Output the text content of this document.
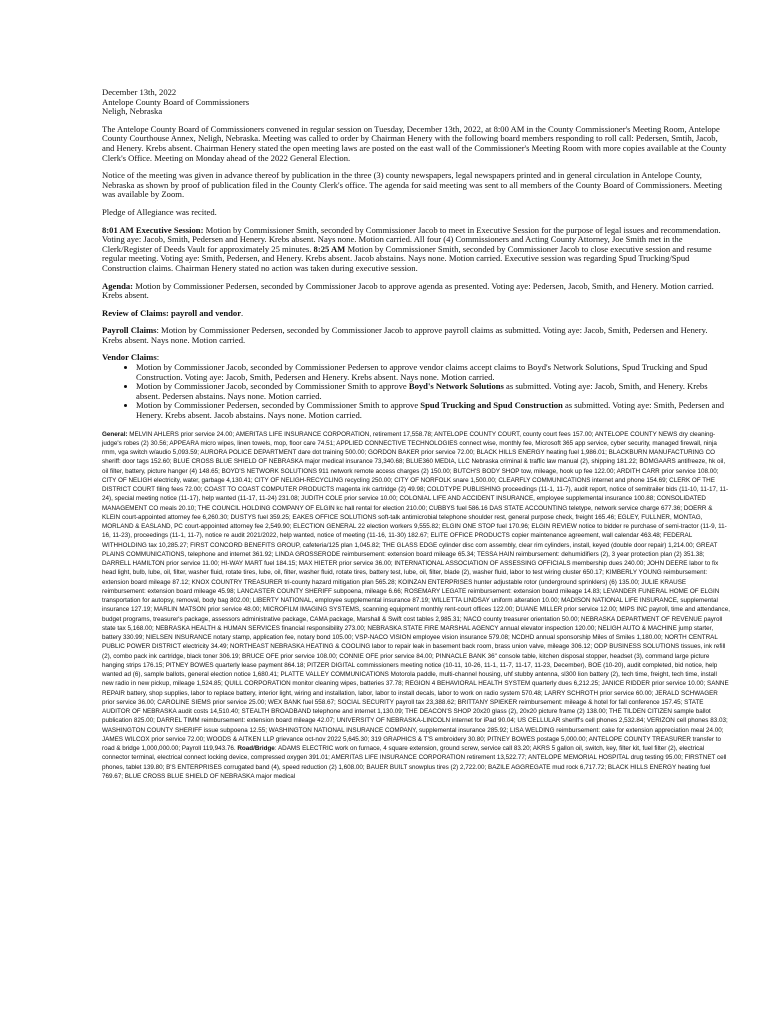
December 13th, 2022

Antelope County Board of Commissioners

Neligh, Nebraska

The Antelope County Board of Commissioners convened in regular session on Tuesday, December 13th, 2022, at 8:00 AM in the County Commissioner's Meeting Room, Antelope County Courthouse Annex, Neligh, Nebraska. Meeting was called to order by Chairman Henery with the following board members responding to roll call: Pedersen, Smtih, Jacob, and Henery. Krebs absent. Chairman Henery stated the open meeting laws are posted on the east wall of the Commissioner's Meeting Room with more copies available at the County Clerk's Office. Meeting on Monday ahead of the 2022 General Election.

Notice of the meeting was given in advance thereof by publication in the three (3) county newspapers, legal newspapers printed and in general circulation in Antelope County, Nebraska as shown by proof of publication filed in the County Clerk's office. The agenda for said meeting was sent to all members of the County Board of Commissioners. Meeting was available by Zoom.

Pledge of Allegiance was recited.

8:01 AM Executive Session: Motion by Commissioner Smith, seconded by Commissioner Jacob to meet in Executive Session for the purpose of legal issues and recommendation. Voting aye: Jacob, Smith, Pedersen and Henery. Krebs absent. Nays none. Motion carried. All four (4) Commissioners and Acting County Attorney, Joe Smith met in the Clerk/Register of Deeds Vault for approximately 25 minutes. 8:25 AM Motion by Commissioner Smith, seconded by Commissioner Jacob to close executive session and resume regular meeting. Voting aye: Smith, Pedersen, and Henery. Krebs absent. Jacob abstains. Nays none. Motion carried. Executive session was regarding Spud Trucking/Spud Construction claims. Chairman Henery stated no action was taken during executive session.

Agenda: Motion by Commissioner Pedersen, seconded by Commissioner Jacob to approve agenda as presented. Voting aye: Pedersen, Jacob, Smith, and Henery. Motion carried. Krebs absent.

Review of Claims: payroll and vendor.

Payroll Claims: Motion by Commissioner Pedersen, seconded by Commissioner Jacob to approve payroll claims as submitted. Voting aye: Jacob, Smith, Pedersen and Henery. Krebs absent. Nays none. Motion carried.

Vendor Claims:

• Motion by Commissioner Jacob, seconded by Commissioner Pedersen to approve vendor claims accept claims to Boyd's Network Solutions, Spud Trucking and Spud Construction. Voting aye: Jacob, Smith, Pedersen and Henery. Krebs absent. Nays none. Motion carried.
• Motion by Commissioner Jacob, seconded by Commissioner Smith to approve Boyd's Network Solutions as submitted. Voting aye: Jacob, Smith, and Henery. Krebs absent. Pedersen abstains. Nays none. Motion carried.
• Motion by Commissioner Pedersen, seconded by Commissioner Smith to approve Spud Trucking and Spud Construction as submitted. Voting aye: Smith, Pedersen and Henery. Krebs absent. Jacob abstains. Nays none. Motion carried.

General: MELVIN AHLERS prior service 24.00; AMERITAS LIFE INSURANCE CORPORATION, retirement 17,558.78; ANTELOPE COUNTY COURT, county court fees 157.00; ANTELOPE COUNTY NEWS dry cleaning-judge's robes (2) 30.56; APPEARA micro wipes, linen towels, mop, floor care 74.51; APPLIED CONNECTIVE TECHNOLOGIES connect wise, monthly fee, Microsoft 365 app service, cyber security, managed firewall, ninja rmm, vga switch w/audio 5,093.59; AURORA POLICE DEPARTMENT dare dot training 500.00; GORDON BAKER prior service 72.00; BLACK HILLS ENERGY heating fuel 1,986.01; BLACKBURN MANUFACTURING CO sheriff: door tags 152.60; BLUE CROSS BLUE SHIELD OF NEBRASKA major medical insurance 73,340.68; BLUE360 MEDIA, LLC Nebraska criminal & traffic law manual (2), shipping 181.22; BOMGAARS antifreeze, hk oil, oil filter, battery, picture hanger (4) 148.65; BOYD'S NETWORK SOLUTIONS 911 network remote access charges (2) 150.00; BUTCH'S BODY SHOP tow, mileage, hook up fee 122.00; ARDITH CARR prior service 108.00; CITY OF NELIGH electricity, water, garbage 4,130.41; CITY OF NELIGH-RECYCLING recycling 250.00; CITY OF NORFOLK snare 1,500.00; CLEARFLY COMMUNICATIONS internet and phone 154.69; CLERK OF THE DISTRICT COURT filing fees 72.00; COAST TO COAST COMPUTER PRODUCTS magenta ink cartridge (2) 49.98; COLDTYPE PUBLISHING proceedings (11-1, 11-7), audit report, notice of semitrailer bids (11-10, 11-17, 11-24), special meeting notice (11-17), help wanted (11-17, 11-24) 231.08; JUDITH COLE prior service 10.00; COLONIAL LIFE AND ACCIDENT INSURANCE, employee supplemental insurance 100.88; CONSOLIDATED MANAGEMENT CO meals 20.10; THE COUNCIL HOLDING COMPANY OF ELGIN kc hall rental for election 210.00; CUBBYS fuel 586.16 DAS STATE ACCOUNTING teletype, network service charge 677.36; DOERR & KLEIN court-appointed attorney fee 6,260.30; DUSTYS fuel 359.25; EAKES OFFICE SOLUTIONS soft-talk antimicrobial telephone shoulder rest, general purpose check, freight 165.46; EGLEY, FULLNER, MONTAG, MORLAND & EASLAND, PC court-appointed attorney fee 2,549.90; ELECTION GENERAL 22 election workers 9,555.82; ELGIN ONE STOP fuel 170.96; ELGIN REVIEW notice to bidder re purchase of semi-tractor (11-9, 11-16, 11-23), proceedings (11-1, 11-7), notice re audit 2021/2022, help wanted, notice of meeting (11-16, 11-30) 182.67; ELITE OFFICE PRODUCTS copier maintenance agreement, wall calendar 463.48; FEDERAL WITHHOLDING tax 10,285.27; FIRST CONCORD BENEFITS GROUP, cafeteria/125 plan 1,045.82; THE GLASS EDGE cylinder disc com assembly, clear rim cylinders, install, keyed (double door repair) 1,214.00; GREAT PLAINS COMMUNICATIONS, telephone and internet 361.92; LINDA GROSSERODE reimbursement: extension board mileage 65.34; TESSA HAIN reimbursement: dehumidifiers (2), 3 year protection plan (2) 351.38; DARRELL HAMILTON prior service 11.00; HI-WAY MART fuel 184.15; MAX HIETER prior service 36.00; INTERNATIONAL ASSOCIATION OF ASSESSING OFFICIALS membership dues 240.00; JOHN DEERE labor to fix head light, bulb, lube, oil, filter, washer fluid, rotate tires, lube, oil, filter, washer fluid, rotate tires, battery test, lube, oil, filter, blade (2), washer fluid, labor to test wiring cluster 650.17; KIMBERLY YOUNG reimbursement: extension board mileage 87.12; KNOX COUNTRY TREASURER tri-county hazard mitigation plan 565.28; KOINZAN ENTERPRISES hunter adjustable rotor (underground sprinklers) (6) 135.00; JULIE KRAUSE reimbursement: extension board mileage 45.98; LANCASTER COUNTY SHERIFF subpoena, mileage 6.66; ROSEMARY LEGATE reimbursement: extension board mileage 14.83; LEVANDER FUNERAL HOME OF ELGIN transportation for autopsy, removal, body bag 802.00; LIBERTY NATIONAL, employee supplemental insurance 87.19; WILLETTA LINDSAY uniform alteration 10.00; MADISON NATIONAL LIFE INSURANCE, supplemental insurance 127.19; MARLIN MATSON prior service 48.00; MICROFILM IMAGING SYSTEMS, scanning equipment monthly rent-court offices 122.00; DUANE MILLER prior service 12.00; MIPS INC payroll, time and attendance, budget programs, treasurer's package, assessors administrative package, CAMA package, Marshall & Swift cost tables 2,985.31; NACO county treasurer orientation 50.00; NEBRASKA DEPARTMENT OF REVENUE payroll state tax 5,168.00; NEBRASKA HEALTH & HUMAN SERVICES financial responsibility 273.00; NEBRASKA STATE FIRE MARSHAL AGENCY annual elevator inspection 120.00; NELIGH AUTO & MACHINE jump starter, battery 330.99; NIELSEN INSURANCE notary stamp, application fee, notary bond 105.00; VSP-NACO VISION employee vision insurance 579.08; NCDHD annual sponsorship Miles of Smiles 1,180.00; NORTH CENTRAL PUBLIC POWER DISTRICT electricity 34.49; NORTHEAST NEBRASKA HEATING & COOLING labor to repair leak in basement back room, brass union valve, mileage 306.12; ODP BUSINESS SOLUTIONS tissues, ink refill (2), combo pack ink cartridge, black toner 306.19; BRUCE OFE prior service 108.00; CONNIE OFE prior service 84.00; PINNACLE BANK 36" console table, kitchen disposal stopper, headset (3), command large picture hanging strips 176.15; PITNEY BOWES quarterly lease payment 864.18; PITZER DIGITAL commissioners meeting notice (10-11, 10-26, 11-1, 11-7, 11-17, 11-23, December), BOE (10-20), audit completed, bid notice, help wanted ad (6), sample ballots, general election notice 1,680.41; PLATTE VALLEY COMMUNICATIONS Motorola paddle, multi-channel housing, uhf stubby antenna, sl300 lion battery (2), tech time, freight, tech time, install new radio in new pickup, mileage 1,524.85; QUILL CORPORATION monitor cleaning wipes, batteries 37.78; REGION 4 BEHAVIORAL HEALTH SYSTEM quarterly dues 6,212.25; JANICE RIDDER prior service 10.00; SANNE REPAIR battery, shop supplies, labor to replace battery, interior light, wiring and installation, labor, labor to install decals, labor to work on radio system 570.48; LARRY SCHROTH prior service 60.00; JERALD SCHWAGER prior service 36.00; CAROLINE SIEMS prior service 25.00; WEX BANK fuel 558.67; SOCIAL SECURITY payroll tax 23,388.62; BRITTANY SPIEKER reimbursement: mileage & hotel for fall conference 157.45; STATE AUDITOR OF NEBRASKA audit costs 14,510.40; STEALTH BROADBAND telephone and internet 1,130.09; THE DEACON'S SHOP 20x20 glass (2), 20x20 picture frame (2) 138.00; THE TILDEN CITIZEN sample ballot publication 825.00; DARREL TIMM reimbursement: extension board mileage 42.07; UNIVERSITY OF NEBRASKA-LINCOLN internet for iPad 90.04; US CELLULAR sheriff's cell phones 2,532.84; VERIZON cell phones 83.03; WASHINGTON COUNTY SHERIFF issue subpoena 12.55; WASHINGTON NATIONAL INSURANCE COMPANY, supplemental insurance 285.92; LISA WELDING reimbursement: cake for extension appreciation meal 24.00; JAMES WILCOX prior service 72.00; WOODS & AITKEN LLP grievance oct-nov 2022 5,645.30; 319 GRAPHICS & T'S embroidery 30.80; PITNEY BOWES postage 5,000.00; ANTELOPE COUNTY TREASURER transfer to road & bridge 1,000,000.00; Payroll 119,943.76. Road/Bridge: ADAMS ELECTRIC work on furnace, 4 square extension, ground screw, service call 83.20; AKRS 5 gallon oil, switch, key, filter kit, fuel filter (2), electrical connector terminal, electrical connect locking device, compressed oxygen 391.01; AMERITAS LIFE INSURANCE CORPORATION retirement 13,522.77; ANTELOPE MEMORIAL HOSPITAL drug testing 95.00; FIRSTNET cell phones, tablet 139.80; B'S ENTERPRISES corrugated band (4), speed reduction (2) 1,608.00; BAUER BUILT snowplus tires (2) 2,722.00; BAZILE AGGREGATE mud rock 6,717.72; BLACK HILLS ENERGY heating fuel 769.67; BLUE CROSS BLUE SHIELD OF NEBRASKA major medical
